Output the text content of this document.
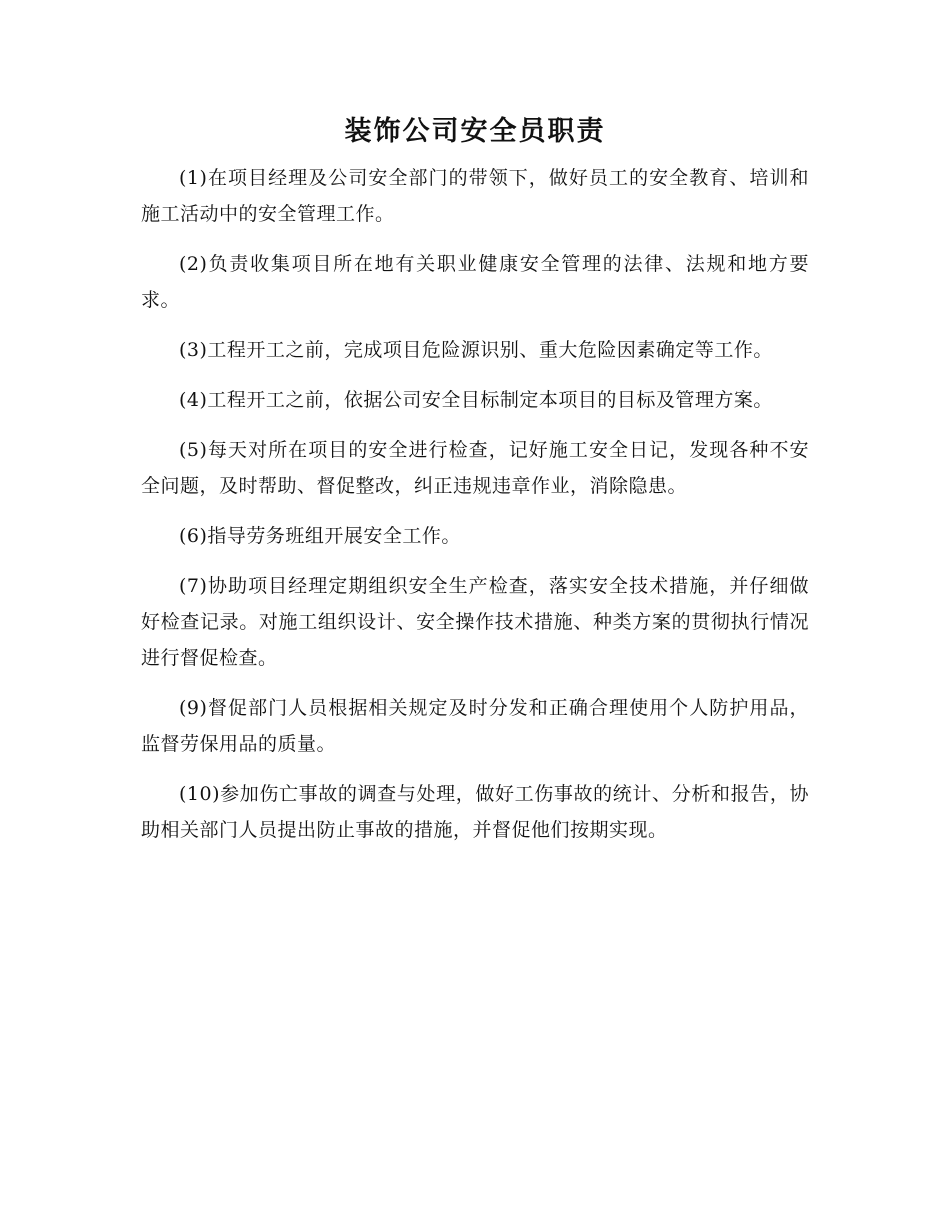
装饰公司安全员职责

(1)在项目经理及公司安全部门的带领下，做好员工的安全教育、培训和施工活动中的安全管理工作。

(2)负责收集项目所在地有关职业健康安全管理的法律、法规和地方要求。

(3)工程开工之前，完成项目危险源识别、重大危险因素确定等工作。

(4)工程开工之前，依据公司安全目标制定本项目的目标及管理方案。

(5)每天对所在项目的安全进行检查，记好施工安全日记，发现各种不安全问题，及时帮助、督促整改，纠正违规违章作业，消除隐患。

(6)指导劳务班组开展安全工作。

(7)协助项目经理定期组织安全生产检查，落实安全技术措施，并仔细做好检查记录。对施工组织设计、安全操作技术措施、种类方案的贯彻执行情况进行督促检查。

(9)督促部门人员根据相关规定及时分发和正确合理使用个人防护用品，监督劳保用品的质量。

(10)参加伤亡事故的调查与处理，做好工伤事故的统计、分析和报告，协助相关部门人员提出防止事故的措施，并督促他们按期实现。
